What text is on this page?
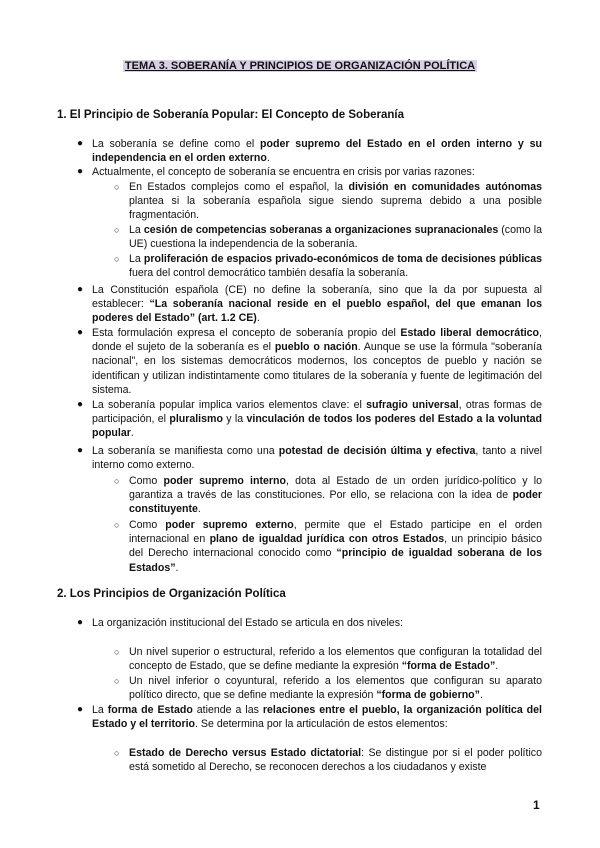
TEMA 3. SOBERANÍA Y PRINCIPIOS DE ORGANIZACIÓN POLÍTICA
1. El Principio de Soberanía Popular: El Concepto de Soberanía
● La soberanía se define como el poder supremo del Estado en el orden interno y su independencia en el orden externo.
● Actualmente, el concepto de soberanía se encuentra en crisis por varias razones:
○ En Estados complejos como el español, la división en comunidades autónomas plantea si la soberanía española sigue siendo suprema debido a una posible fragmentación.
○ La cesión de competencias soberanas a organizaciones supranacionales (como la UE) cuestiona la independencia de la soberanía.
○ La proliferación de espacios privado-económicos de toma de decisiones públicas fuera del control democrático también desafía la soberanía.
● La Constitución española (CE) no define la soberanía, sino que la da por supuesta al establecer: “La soberanía nacional reside en el pueblo español, del que emanan los poderes del Estado” (art. 1.2 CE).
● Esta formulación expresa el concepto de soberanía propio del Estado liberal democrático, donde el sujeto de la soberanía es el pueblo o nación. Aunque se use la fórmula "soberanía nacional", en los sistemas democráticos modernos, los conceptos de pueblo y nación se identifican y utilizan indistintamente como titulares de la soberanía y fuente de legitimación del sistema.
● La soberanía popular implica varios elementos clave: el sufragio universal, otras formas de participación, el pluralismo y la vinculación de todos los poderes del Estado a la voluntad popular.
● La soberanía se manifiesta como una potestad de decisión última y efectiva, tanto a nivel interno como externo.
○ Como poder supremo interno, dota al Estado de un orden jurídico-político y lo garantiza a través de las constituciones. Por ello, se relaciona con la idea de poder constituyente.
○ Como poder supremo externo, permite que el Estado participe en el orden internacional en plano de igualdad jurídica con otros Estados, un principio básico del Derecho internacional conocido como “principio de igualdad soberana de los Estados”.
2. Los Principios de Organización Política
● La organización institucional del Estado se articula en dos niveles:
○ Un nivel superior o estructural, referido a los elementos que configuran la totalidad del concepto de Estado, que se define mediante la expresión “forma de Estado”.
○ Un nivel inferior o coyuntural, referido a los elementos que configuran su aparato político directo, que se define mediante la expresión “forma de gobierno”.
● La forma de Estado atiende a las relaciones entre el pueblo, la organización política del Estado y el territorio. Se determina por la articulación de estos elementos:
○ Estado de Derecho versus Estado dictatorial: Se distingue por si el poder político está sometido al Derecho, se reconocen derechos a los ciudadanos y existe
1
